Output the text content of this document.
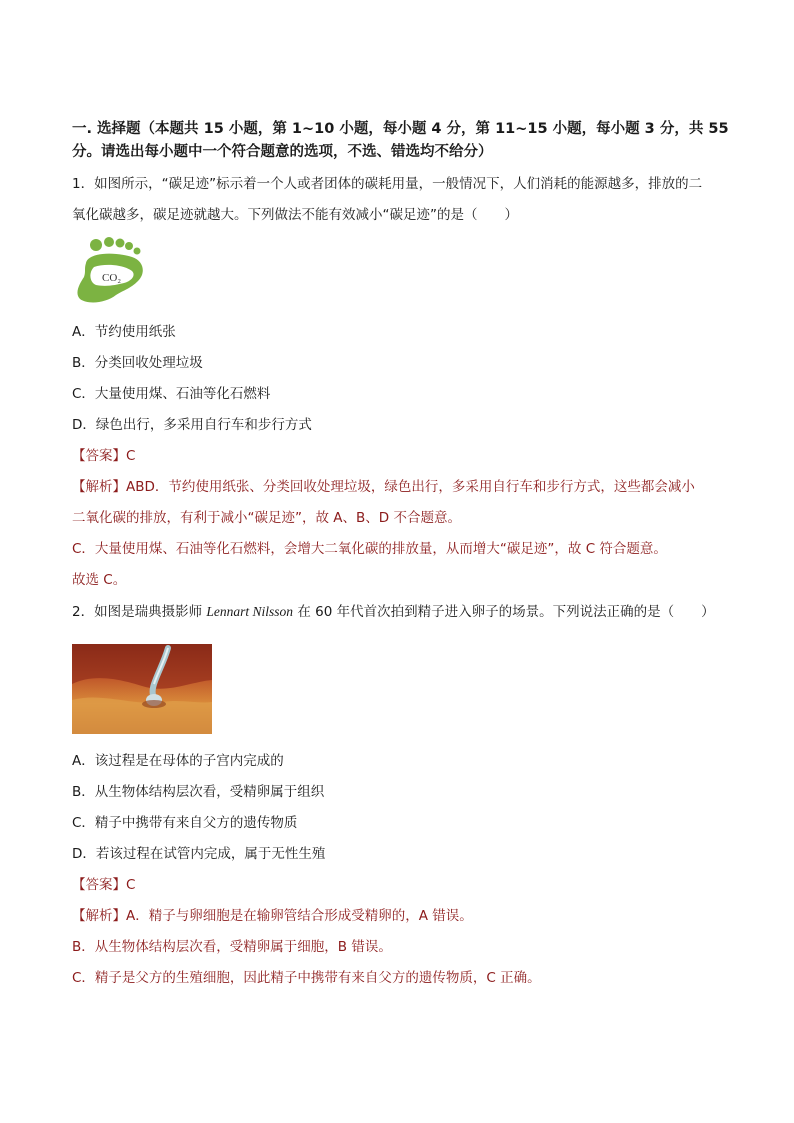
一. 选择题（本题共 15 小题，第 1~10 小题，每小题 4 分，第 11~15 小题，每小题 3 分，共 55 分。请选出每小题中一个符合题意的选项，不选、错选均不给分）
1．如图所示，“碳足迹”标示着一个人或者团体的碳耗用量，一般情况下，人们消耗的能源越多，排放的二
氧化碳越多，碳足迹就越大。下列做法不能有效减小“碳足迹”的是（　　）
CO₂
A．节约使用纸张
B．分类回收处理垃圾
C．大量使用煤、石油等化石燃料
D．绿色出行，多采用自行车和步行方式
【答案】C
【解析】ABD．节约使用纸张、分类回收处理垃圾，绿色出行，多采用自行车和步行方式，这些都会减小
二氧化碳的排放，有利于减小“碳足迹”，故 A、B、D 不合题意。
C．大量使用煤、石油等化石燃料，会增大二氧化碳的排放量，从而增大“碳足迹”，故 C 符合题意。
故选 C。
2．如图是瑞典摄影师 Lennart Nilsson 在 60 年代首次拍到精子进入卵子的场景。下列说法正确的是（　　）
A．该过程是在母体的子宫内完成的
B．从生物体结构层次看，受精卵属于组织
C．精子中携带有来自父方的遗传物质
D．若该过程在试管内完成，属于无性生殖
【答案】C
【解析】A．精子与卵细胞是在输卵管结合形成受精卵的，A 错误。
B．从生物体结构层次看，受精卵属于细胞，B 错误。
C．精子是父方的生殖细胞，因此精子中携带有来自父方的遗传物质，C 正确。
